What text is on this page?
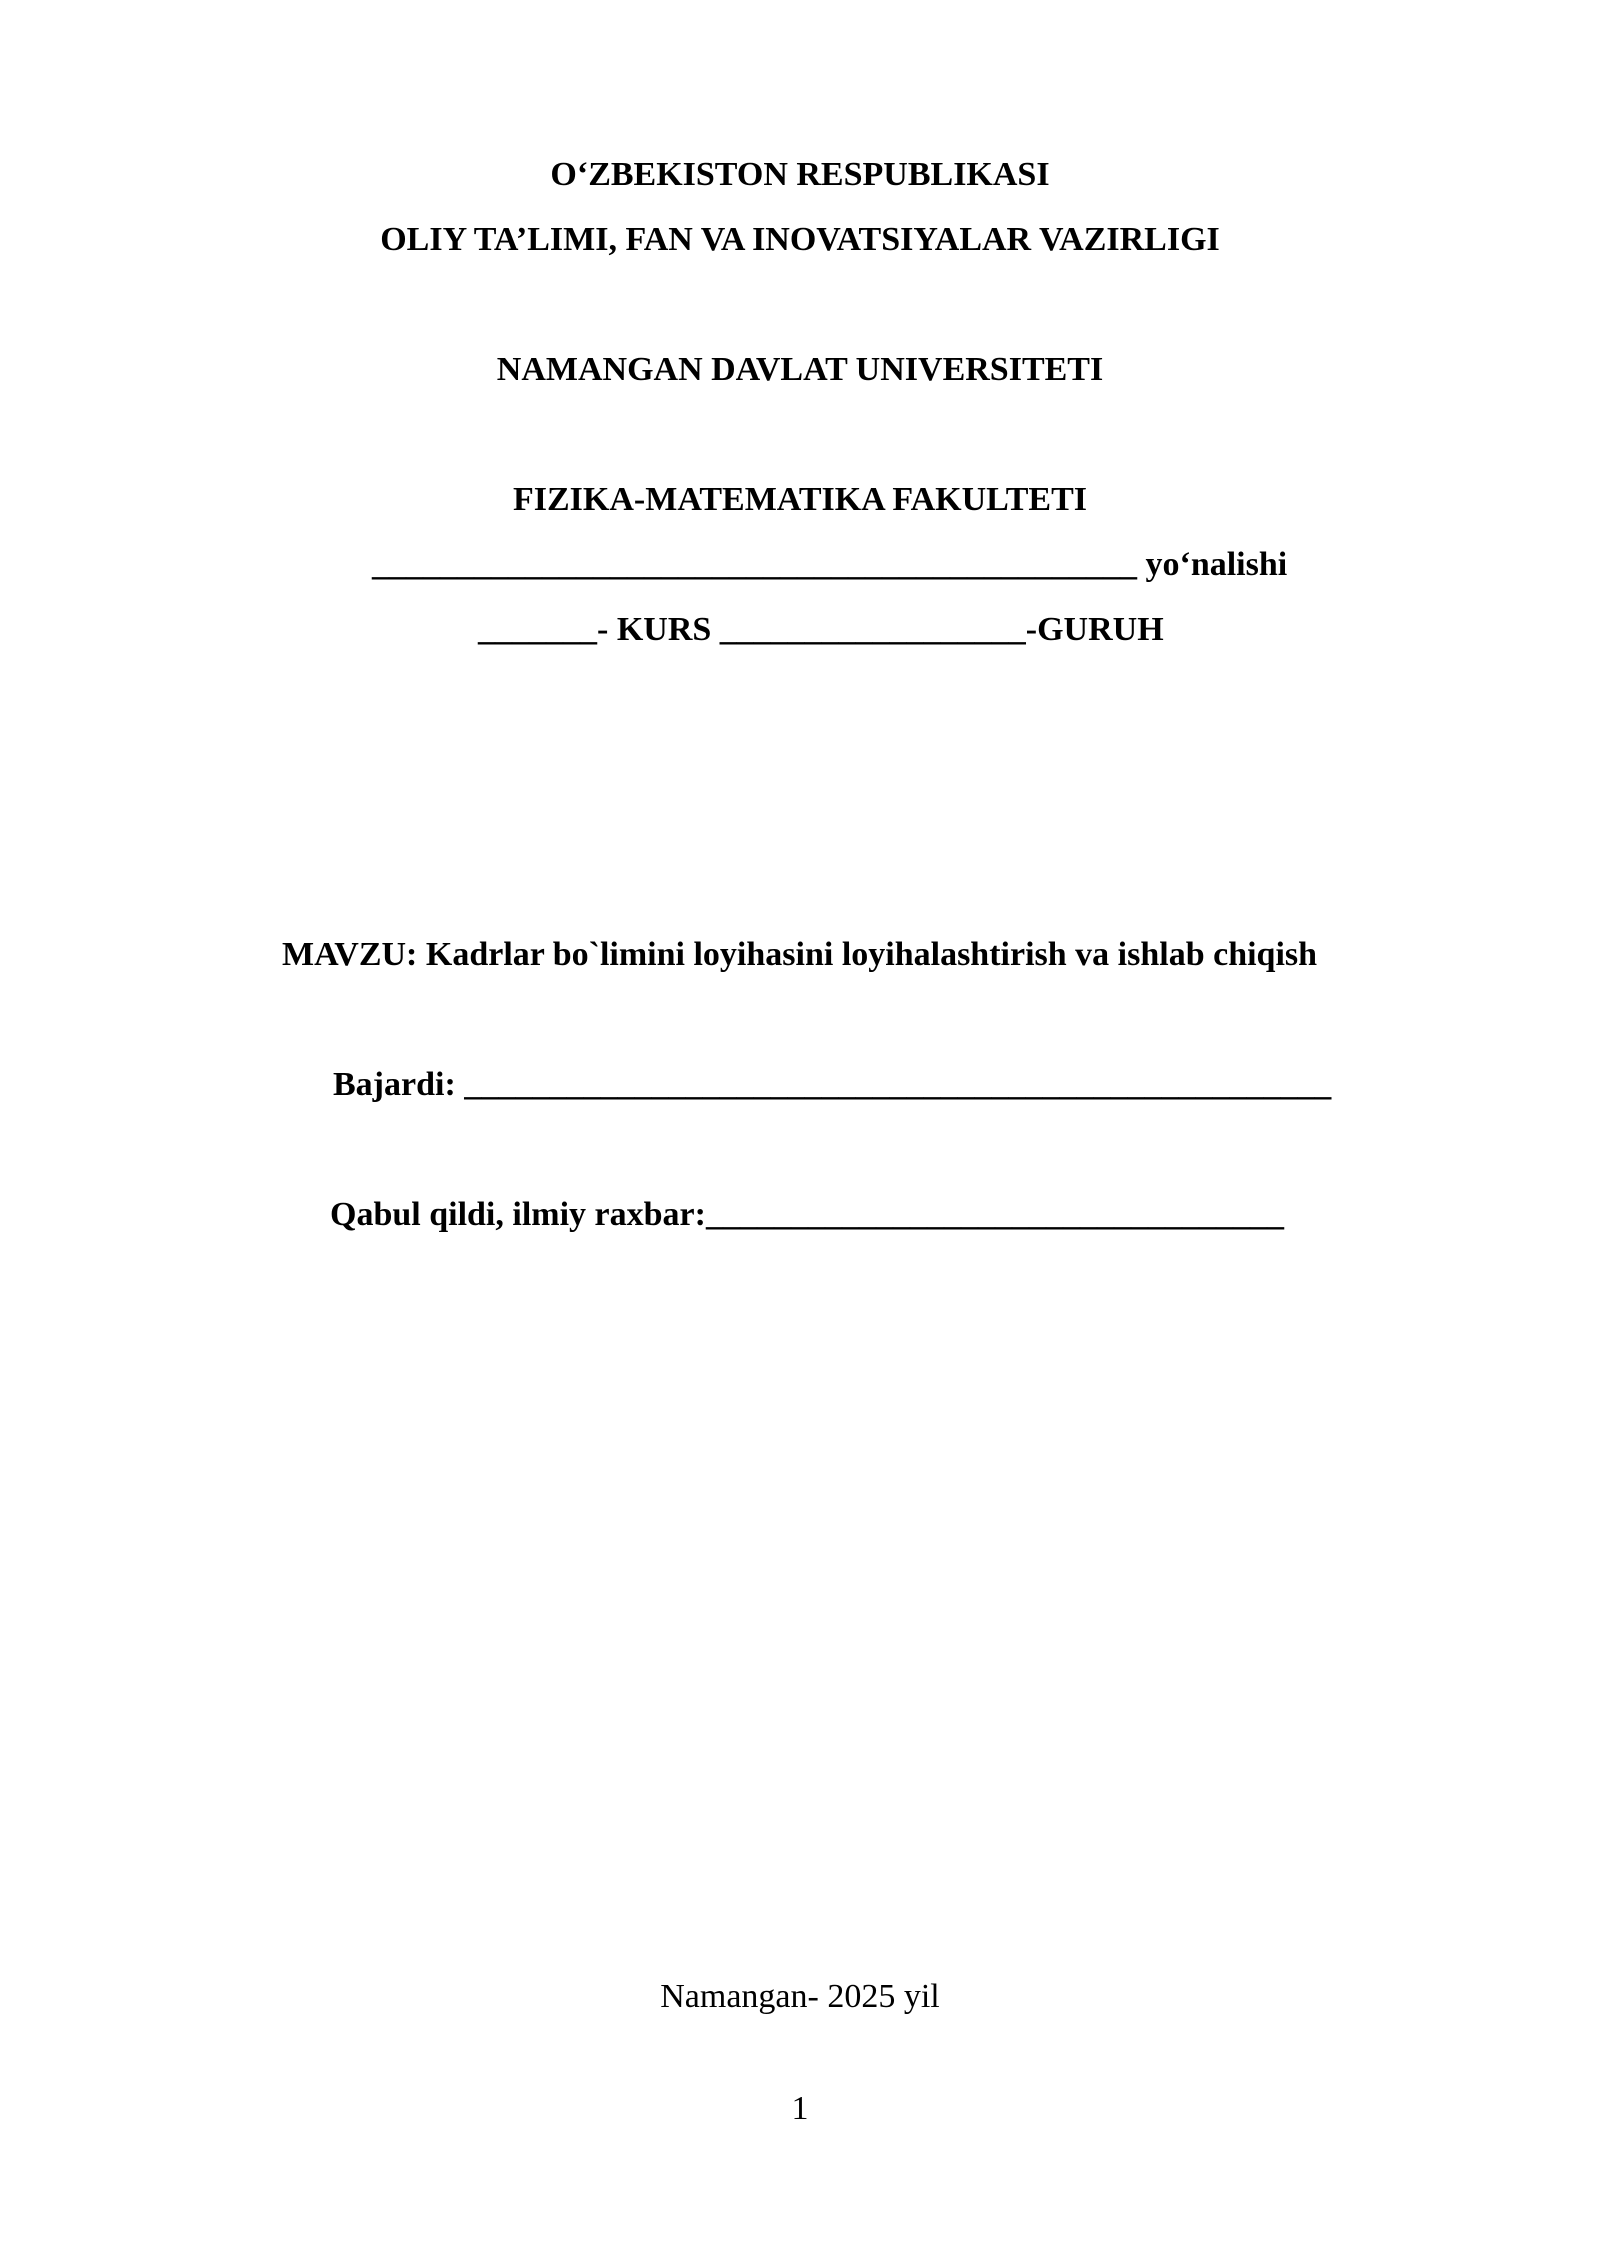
O‘ZBEKISTON RESPUBLIKASI
OLIY TA’LIMI, FAN VA INOVATSIYALAR VAZIRLIGI
NAMANGAN DAVLAT UNIVERSITETI
FIZIKA-MATEMATIKA FAKULTETI
_____________________________________________ yo‘nalishi
_______- KURS __________________-GURUH
MAVZU: Kadrlar bo`limini loyihasini loyihalashtirish va ishlab chiqish
Bajardi: ___________________________________________________
Qabul qildi, ilmiy raxbar:__________________________________
Namangan- 2025 yil
1
